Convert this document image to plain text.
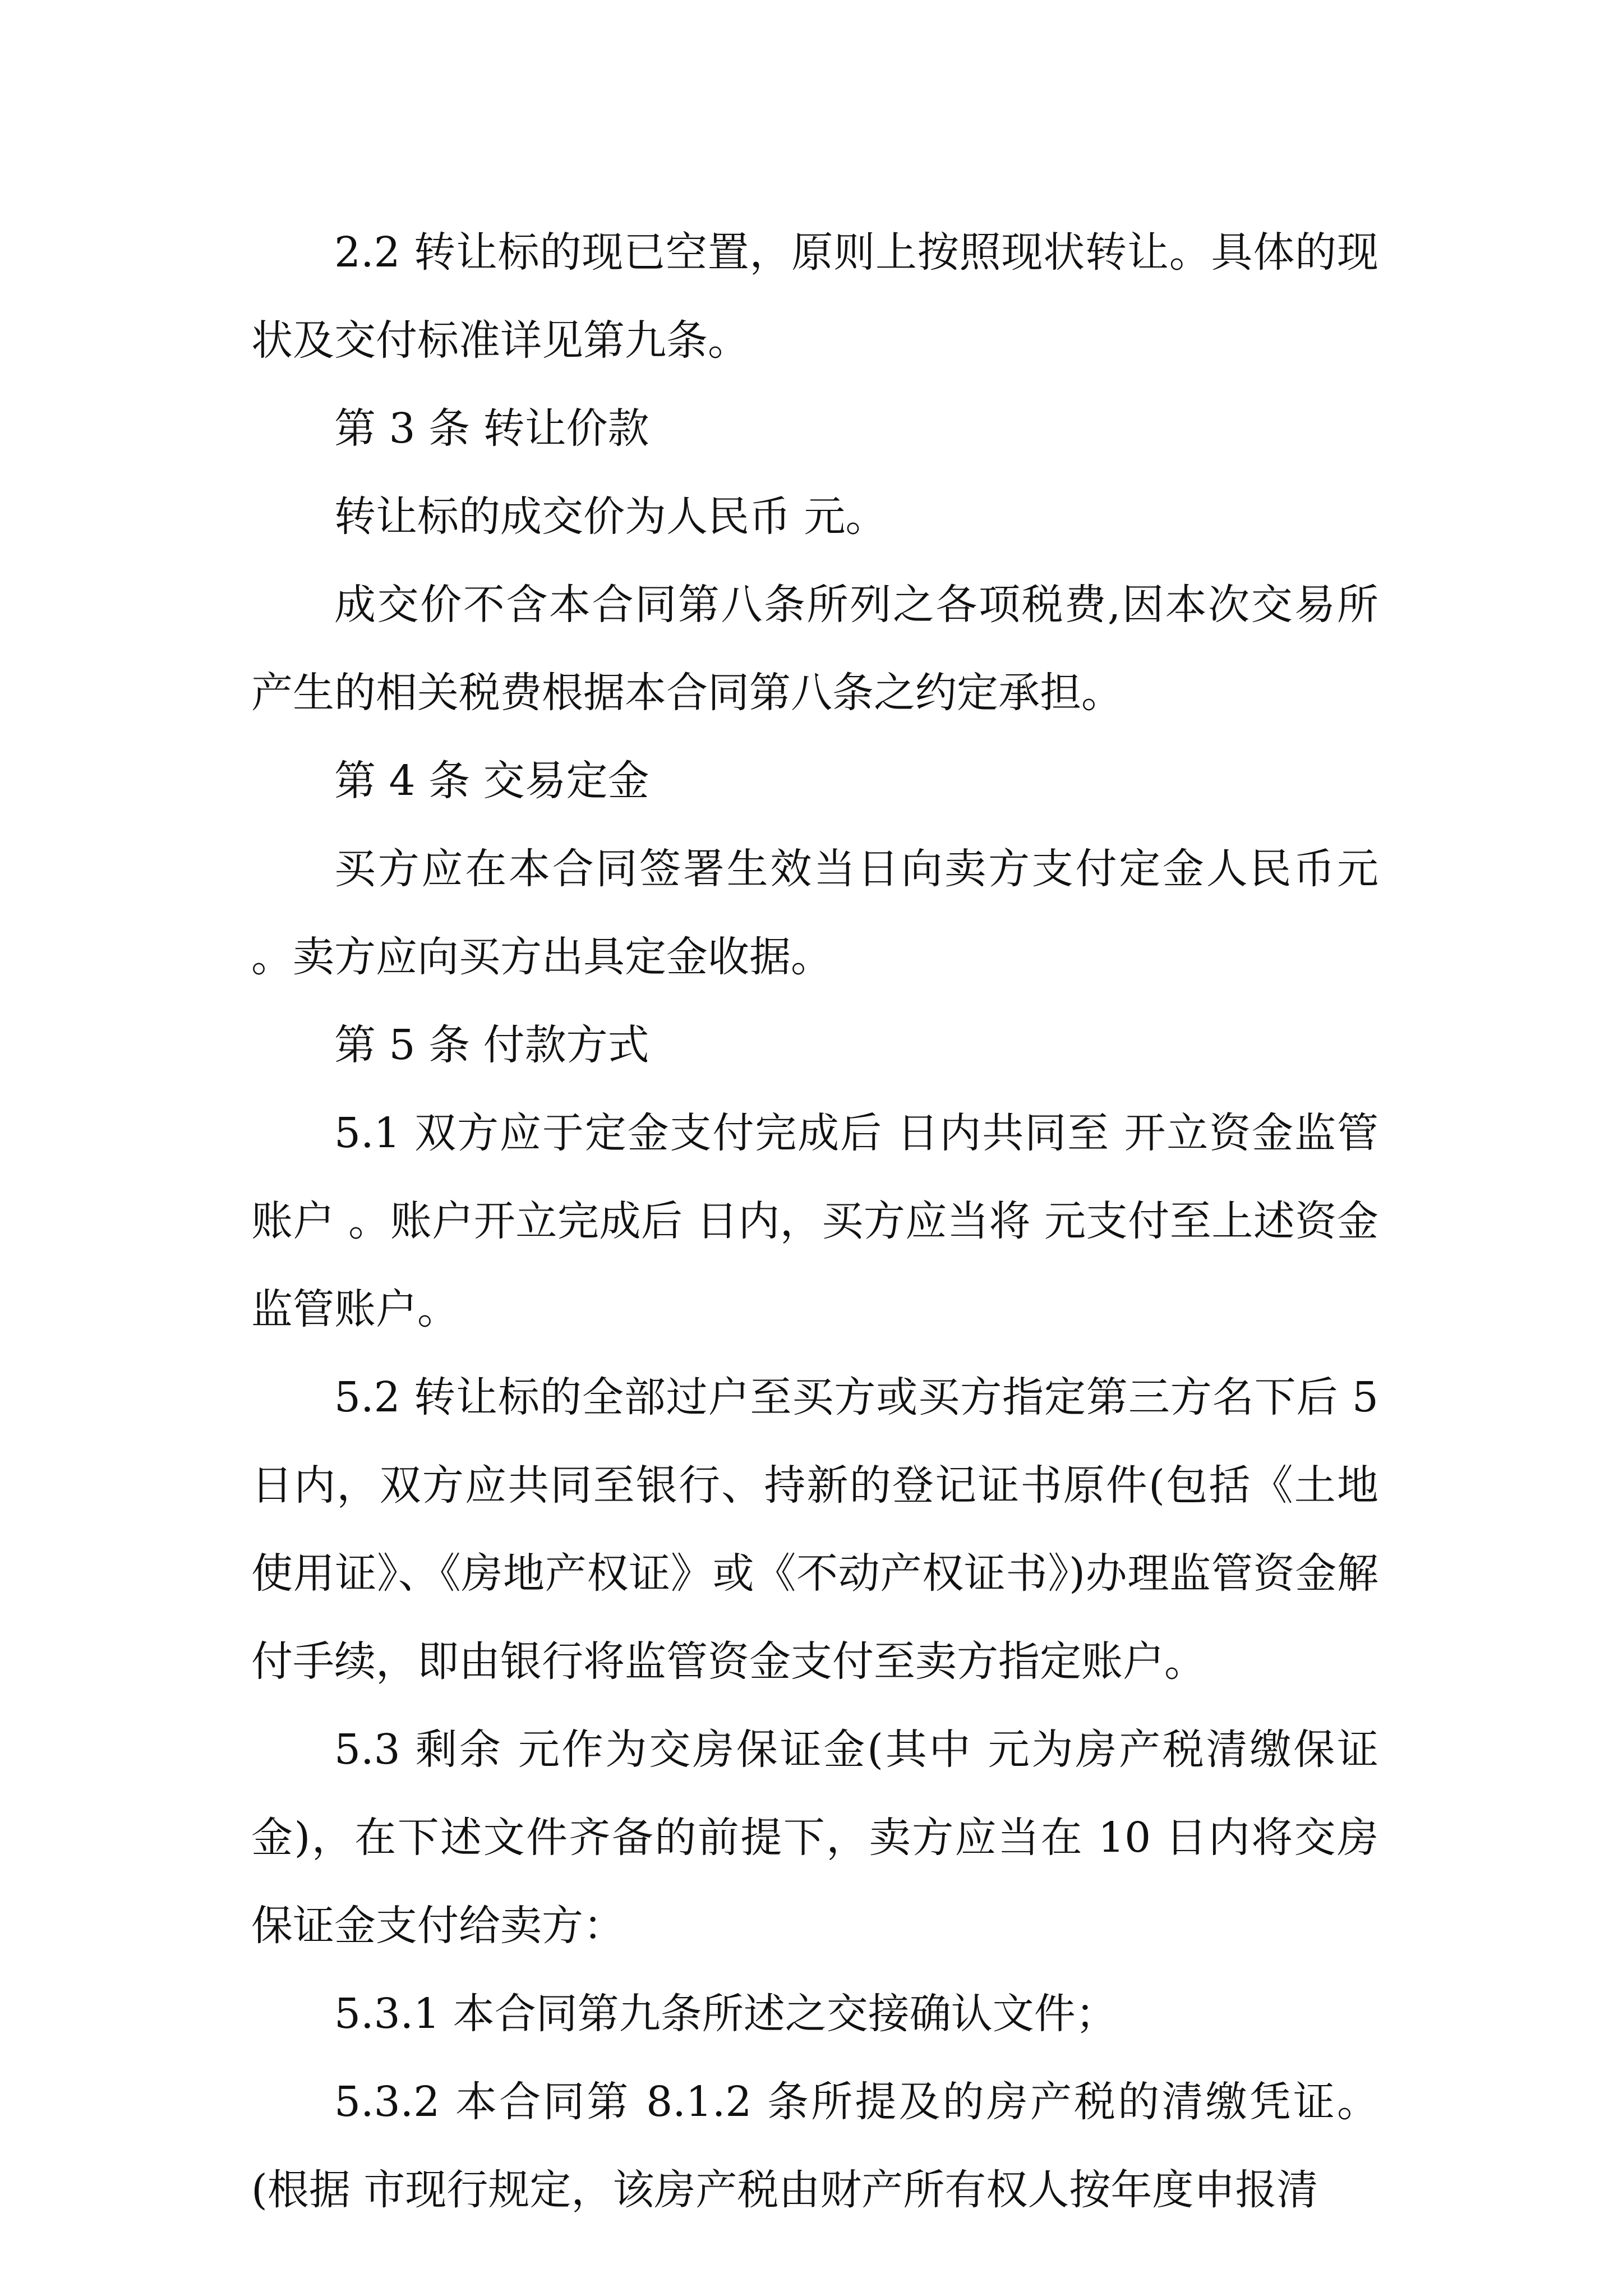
2.2 转让标的现已空置，原则上按照现状转让。具体的现状及交付标准详见第九条。

第 3 条 转让价款

转让标的成交价为人民币 元。

成交价不含本合同第八条所列之各项税费,因本次交易所产生的相关税费根据本合同第八条之约定承担。

第 4 条 交易定金

买方应在本合同签署生效当日向卖方支付定金人民币元 。卖方应向买方出具定金收据。

第 5 条 付款方式

5.1 双方应于定金支付完成后 日内共同至 开立资金监管账户 。账户开立完成后 日内，买方应当将 元支付至上述资金监管账户。

5.2 转让标的全部过户至买方或买方指定第三方名下后 5 日内，双方应共同至银行、持新的登记证书原件(包括《土地使用证》、《房地产权证》或《不动产权证书》)办理监管资金解付手续，即由银行将监管资金支付至卖方指定账户。

5.3 剩余 元作为交房保证金(其中 元为房产税清缴保证金)，在下述文件齐备的前提下，卖方应当在 10 日内将交房保证金支付给卖方：

5.3.1 本合同第九条所述之交接确认文件；

5.3.2 本合同第 8.1.2 条所提及的房产税的清缴凭证。(根据 市现行规定，该房产税由财产所有权人按年度申报清
